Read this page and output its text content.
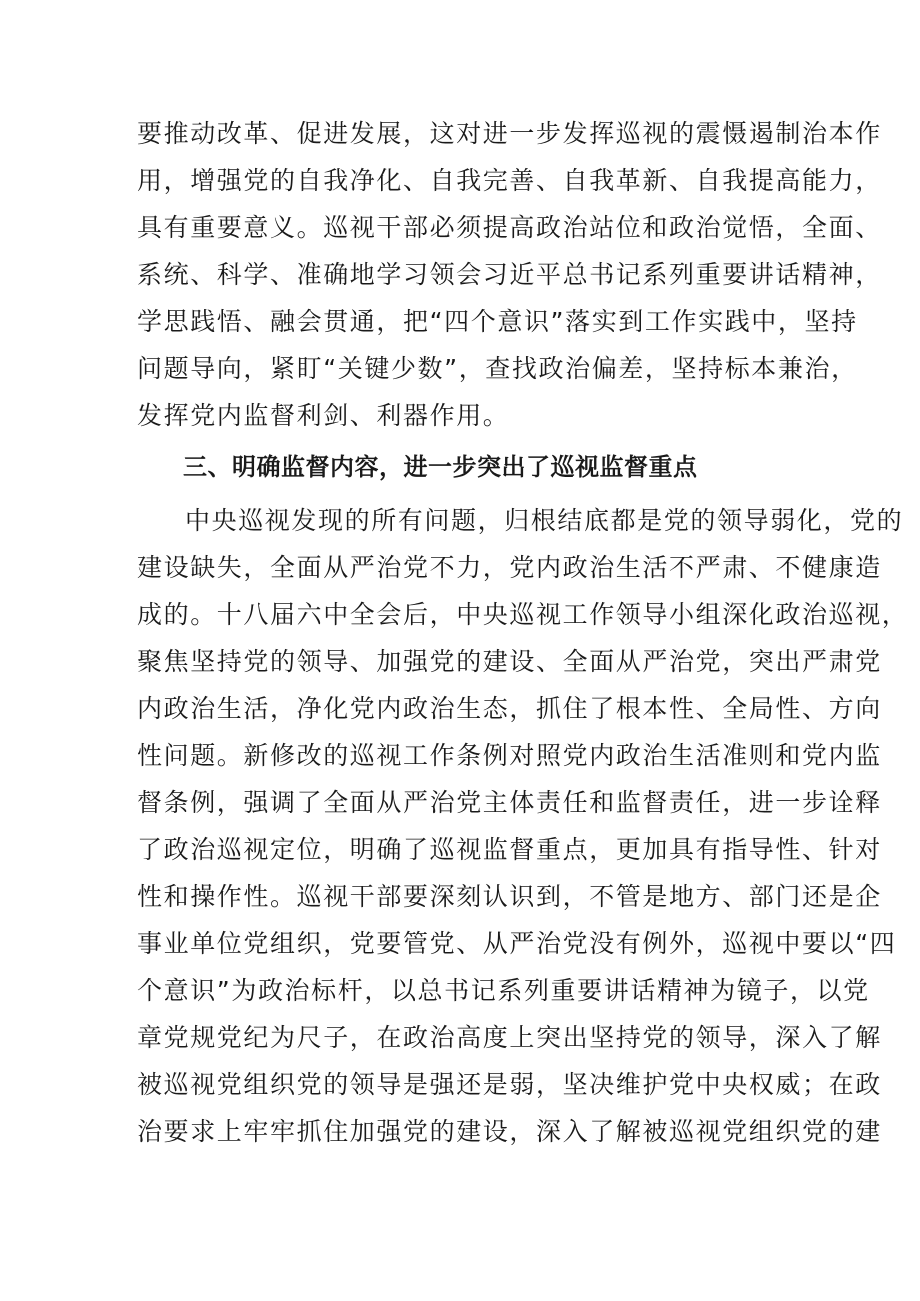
要推动改革、促进发展，这对进一步发挥巡视的震慑遏制治本作
用，增强党的自我净化、自我完善、自我革新、自我提高能力，
具有重要意义。巡视干部必须提高政治站位和政治觉悟，全面、
系统、科学、准确地学习领会习近平总书记系列重要讲话精神，
学思践悟、融会贯通，把“四个意识”落实到工作实践中，坚持
问题导向，紧盯“关键少数”，查找政治偏差，坚持标本兼治，
发挥党内监督利剑、利器作用。
三、明确监督内容，进一步突出了巡视监督重点
中央巡视发现的所有问题，归根结底都是党的领导弱化，党的
建设缺失，全面从严治党不力，党内政治生活不严肃、不健康造
成的。十八届六中全会后，中央巡视工作领导小组深化政治巡视，
聚焦坚持党的领导、加强党的建设、全面从严治党，突出严肃党
内政治生活，净化党内政治生态，抓住了根本性、全局性、方向
性问题。新修改的巡视工作条例对照党内政治生活准则和党内监
督条例，强调了全面从严治党主体责任和监督责任，进一步诠释
了政治巡视定位，明确了巡视监督重点，更加具有指导性、针对
性和操作性。巡视干部要深刻认识到，不管是地方、部门还是企
事业单位党组织，党要管党、从严治党没有例外，巡视中要以“四
个意识”为政治标杆，以总书记系列重要讲话精神为镜子，以党
章党规党纪为尺子，在政治高度上突出坚持党的领导，深入了解
被巡视党组织党的领导是强还是弱，坚决维护党中央权威；在政
治要求上牢牢抓住加强党的建设，深入了解被巡视党组织党的建
